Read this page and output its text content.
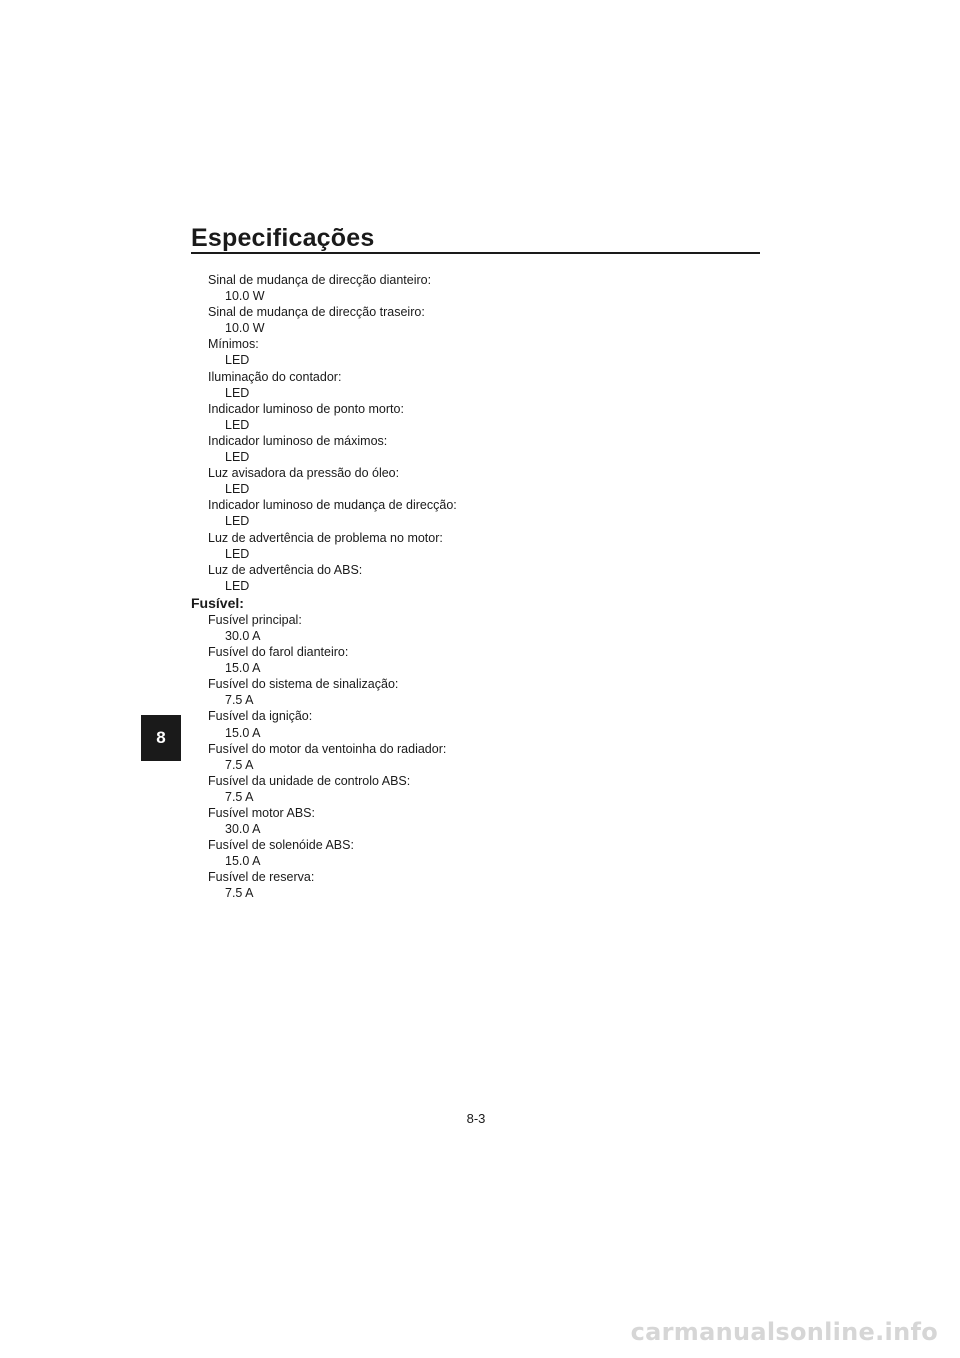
Especificações
8
Sinal de mudança de direcção dianteiro:
10.0 W
Sinal de mudança de direcção traseiro:
10.0 W
Mínimos:
LED
Iluminação do contador:
LED
Indicador luminoso de ponto morto:
LED
Indicador luminoso de máximos:
LED
Luz avisadora da pressão do óleo:
LED
Indicador luminoso de mudança de direcção:
LED
Luz de advertência de problema no motor:
LED
Luz de advertência do ABS:
LED
Fusível:
Fusível principal:
30.0 A
Fusível do farol dianteiro:
15.0 A
Fusível do sistema de sinalização:
7.5 A
Fusível da ignição:
15.0 A
Fusível do motor da ventoinha do radiador:
7.5 A
Fusível da unidade de controlo ABS:
7.5 A
Fusível motor ABS:
30.0 A
Fusível de solenóide ABS:
15.0 A
Fusível de reserva:
7.5 A
8-3
carmanualsonline.info
